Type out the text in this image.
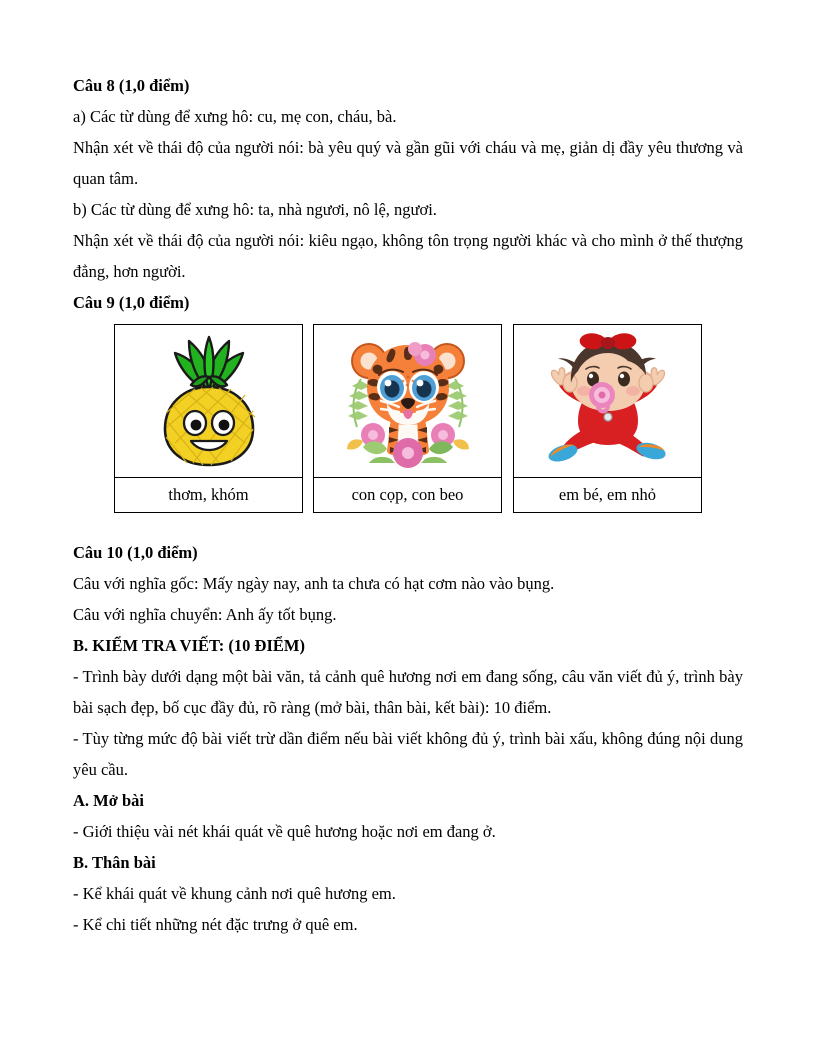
Câu 8 (1,0 điểm)

a) Các từ dùng để xưng hô: cu, mẹ con, cháu, bà.

Nhận xét về thái độ của người nói: bà yêu quý và gần gũi với cháu và mẹ, giản dị đầy yêu thương và quan tâm.

b) Các từ dùng để xưng hô: ta, nhà ngươi, nô lệ, ngươi.

Nhận xét về thái độ của người nói: kiêu ngạo, không tôn trọng người khác và cho mình ở thế thượng đẳng, hơn người.

Câu 9 (1,0 điểm)

thơm, khóm	con cọp, con beo	em bé, em nhỏ

Câu 10 (1,0 điểm)

Câu với nghĩa gốc: Mấy ngày nay, anh ta chưa có hạt cơm nào vào bụng.

Câu với nghĩa chuyển: Anh ấy tốt bụng.

B. KIỂM TRA VIẾT: (10 ĐIỂM)

- Trình bày dưới dạng một bài văn, tả cảnh quê hương nơi em đang sống, câu văn viết đủ ý, trình bày bài sạch đẹp, bố cục đầy đủ, rõ ràng (mở bài, thân bài, kết bài): 10 điểm.

- Tùy từng mức độ bài viết trừ dần điểm nếu bài viết không đủ ý, trình bài xấu, không đúng nội dung yêu cầu.

A. Mở bài

- Giới thiệu vài nét khái quát về quê hương hoặc nơi em đang ở.

B. Thân bài

- Kể khái quát về khung cảnh nơi quê hương em.

- Kể chi tiết những nét đặc trưng ở quê em.
